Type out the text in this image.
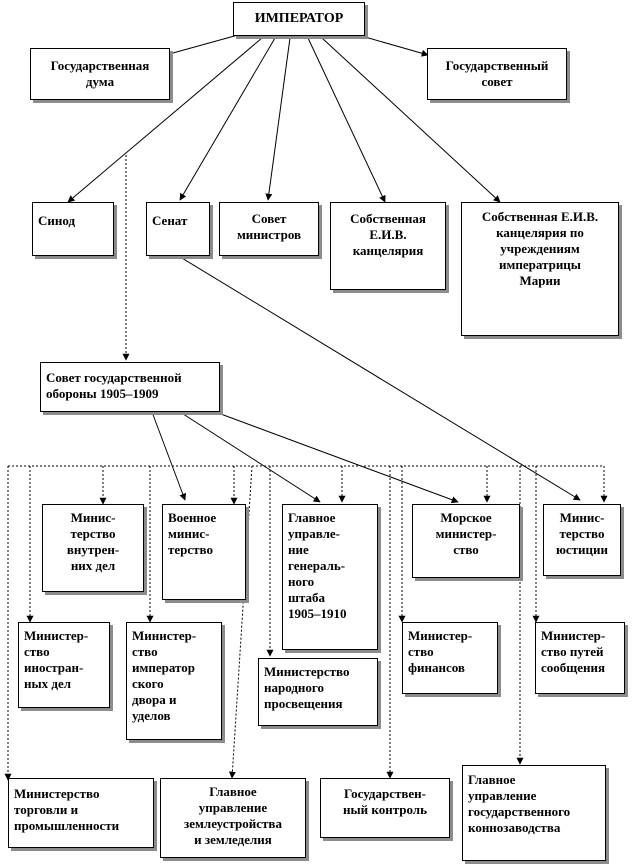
ИМПЕРАТОР
Государственная
дума
Государственный
совет
Синод	Сенат	Совет
министров
Собственная
Е.И.В.
канцелярия
Собственная Е.И.В.
канцелярия по
учреждениям
императрицы
Марии
Совет государственной
обороны 1905–1909
Минис-
терство
внутрен-
них дел
Военное
минис-
терство
Главное
управле-
ние
генераль-
ного
штаба
1905–1910
Морское
министер-
ство
Минис-
терство
юстиции
Министер-
ство
иностран-
ных дел
Министер-
ство
император
ского
двора и
уделов
Министерство
народного
просвещения
Министер-
ство
финансов
Министер-
ство путей
сообщения
Министерство
торговли и
промышленности
Главное
управление
землеустройства
и земледелия
Государствен-
ный контроль
Главное
управление
государственного
коннозаводства
